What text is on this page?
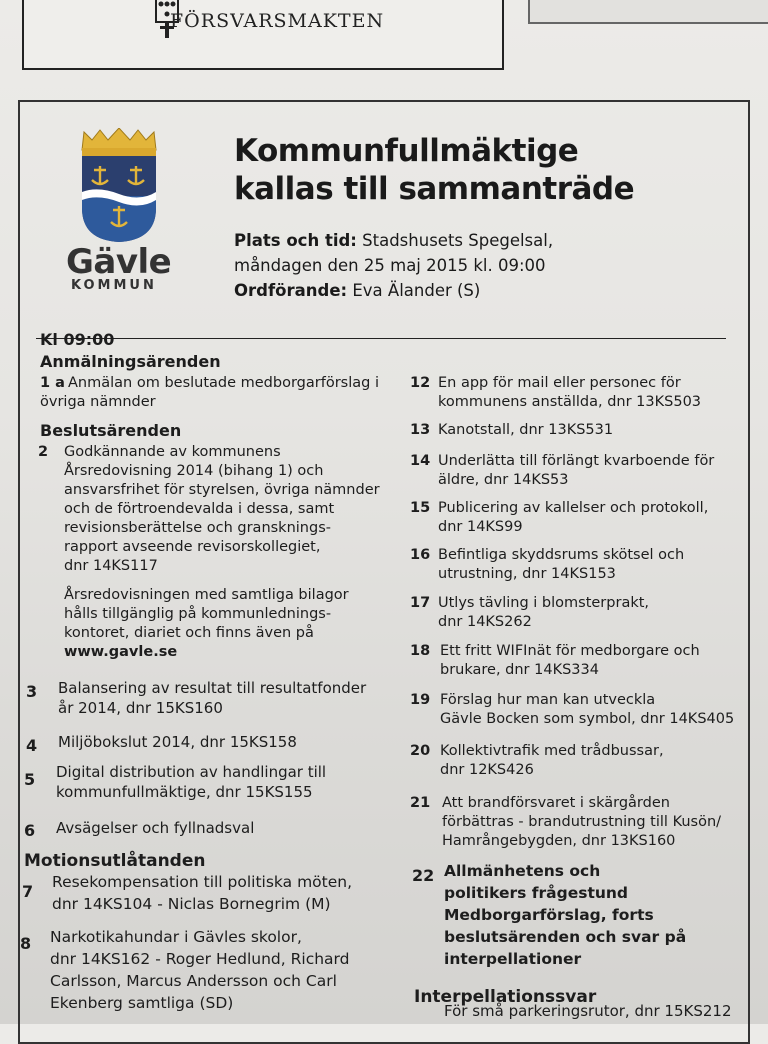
FÖRSVARSMAKTEN
Gävle
KOMMUN
Kommunfullmäktige
kallas till sammanträde
Plats och tid: Stadshusets Spegelsal,
måndagen den 25 maj 2015 kl. 09:00
Ordförande: Eva Älander (S)
Kl 09:00
Anmälningsärenden
1 a Anmälan om beslutade medborgarförslag i
övriga nämnder
Beslutsärenden
2 Godkännande av kommunens
Årsredovisning 2014 (bihang 1) och
ansvarsfrihet för styrelsen, övriga nämnder
och de förtroendevalda i dessa, samt
revisionsberättelse och gransknings-
rapport avseende revisorskollegiet,
dnr 14KS117
Årsredovisningen med samtliga bilagor
hålls tillgänglig på kommunlednings-
kontoret, diariet och finns även på
www.gavle.se
3 Balansering av resultat till resultatfonder
år 2014, dnr 15KS160
4 Miljöbokslut 2014, dnr 15KS158
5 Digital distribution av handlingar till
kommunfullmäktige, dnr 15KS155
6 Avsägelser och fyllnadsval
Motionsutlåtanden
7 Resekompensation till politiska möten,
dnr 14KS104 - Niclas Bornegrim (M)
8 Narkotikahundar i Gävles skolor,
dnr 14KS162 - Roger Hedlund, Richard
Carlsson, Marcus Andersson och Carl
Ekenberg samtliga (SD)
12 En app för mail eller personec för
kommunens anställda, dnr 13KS503
13 Kanotstall, dnr 13KS531
14 Underlätta till förlängt kvarboende för
äldre, dnr 14KS53
15 Publicering av kallelser och protokoll,
dnr 14KS99
16 Befintliga skyddsrums skötsel och
utrustning, dnr 14KS153
17 Utlys tävling i blomsterprakt,
dnr 14KS262
18 Ett fritt WIFInät för medborgare och
brukare, dnr 14KS334
19 Förslag hur man kan utveckla
Gävle Bocken som symbol, dnr 14KS405
20 Kollektivtrafik med trådbussar,
dnr 12KS426
21 Att brandförsvaret i skärgården
förbättras - brandutrustning till Kusön/
Hamrångebygden, dnr 13KS160
22 Allmänhetens och
politikers frågestund
Medborgarförslag, forts
beslutsärenden och svar på
interpellationer
Interpellationssvar
För små parkeringsrutor, dnr 15KS212
